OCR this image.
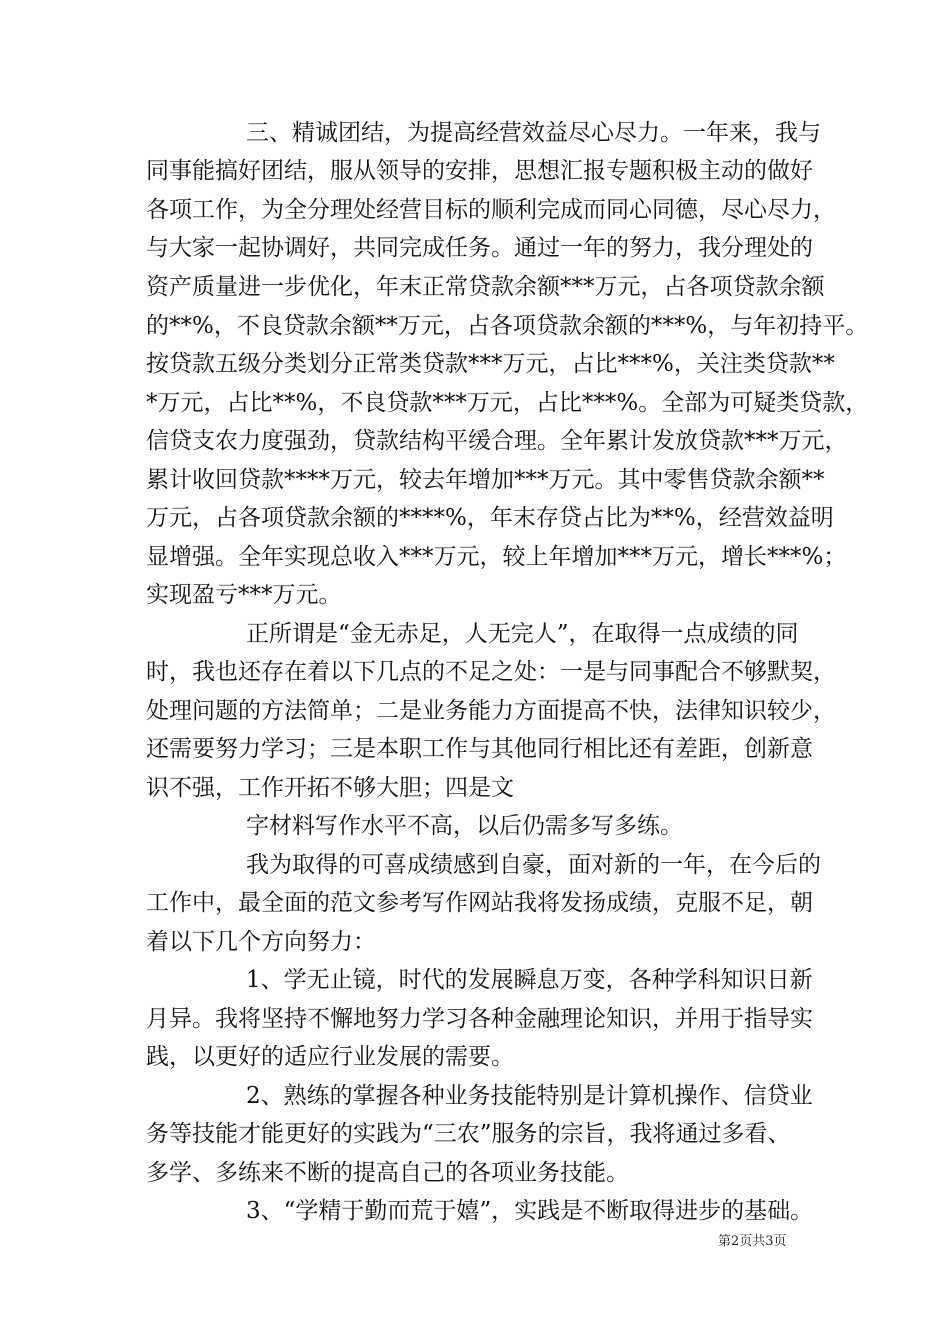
三、精诚团结，为提高经营效益尽心尽力。一年来，我与
同事能搞好团结，服从领导的安排，思想汇报专题积极主动的做好
各项工作，为全分理处经营目标的顺利完成而同心同德，尽心尽力，
与大家一起协调好，共同完成任务。通过一年的努力，我分理处的
资产质量进一步优化，年末正常贷款余额***万元，占各项贷款余额
的**%，不良贷款余额**万元，占各项贷款余额的***%，与年初持平。
按贷款五级分类划分正常类贷款***万元，占比***%，关注类贷款**
*万元，占比**%，不良贷款***万元，占比***%。全部为可疑类贷款，
信贷支农力度强劲，贷款结构平缓合理。全年累计发放贷款***万元，
累计收回贷款****万元，较去年增加***万元。其中零售贷款余额**
万元，占各项贷款余额的****%，年末存贷占比为**%，经营效益明
显增强。全年实现总收入***万元，较上年增加***万元，增长***%；
实现盈亏***万元。
正所谓是“金无赤足，人无完人”，在取得一点成绩的同
时，我也还存在着以下几点的不足之处：一是与同事配合不够默契，
处理问题的方法简单；二是业务能力方面提高不快，法律知识较少，
还需要努力学习；三是本职工作与其他同行相比还有差距，创新意
识不强，工作开拓不够大胆；四是文
字材料写作水平不高，以后仍需多写多练。
我为取得的可喜成绩感到自豪，面对新的一年，在今后的
工作中，最全面的范文参考写作网站我将发扬成绩，克服不足，朝
着以下几个方向努力：
1、学无止镜，时代的发展瞬息万变，各种学科知识日新
月异。我将坚持不懈地努力学习各种金融理论知识，并用于指导实
践，以更好的适应行业发展的需要。
2、熟练的掌握各种业务技能特别是计算机操作、信贷业
务等技能才能更好的实践为“三农”服务的宗旨，我将通过多看、
多学、多练来不断的提高自己的各项业务技能。
3、“学精于勤而荒于嬉”，实践是不断取得进步的基础。
第2页共3页
